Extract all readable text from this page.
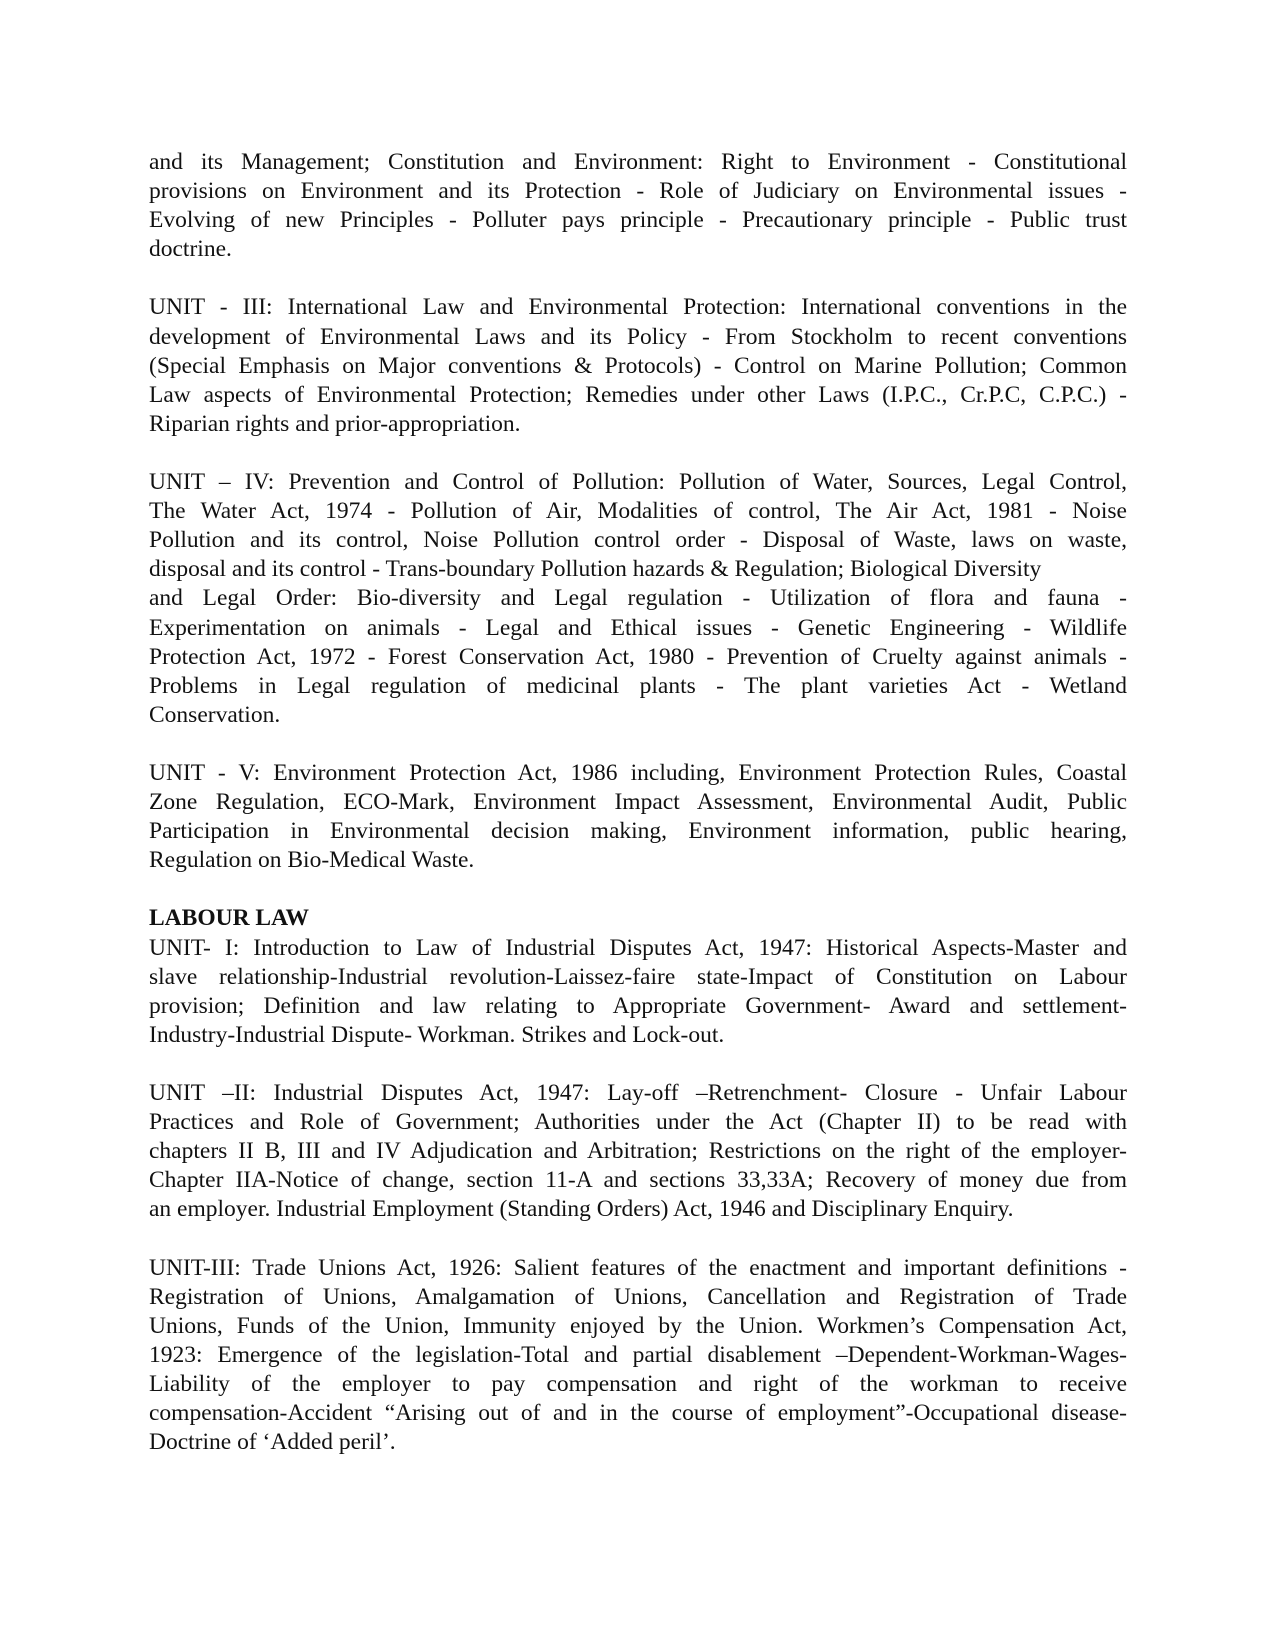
and its Management; Constitution and Environment: Right to Environment - Constitutional
provisions on Environment and its Protection - Role of Judiciary on Environmental issues -
Evolving of new Principles - Polluter pays principle - Precautionary principle - Public trust
doctrine.
UNIT - III: International Law and Environmental Protection: International conventions in the
development of Environmental Laws and its Policy - From Stockholm to recent conventions
(Special Emphasis on Major conventions & Protocols) - Control on Marine Pollution; Common
Law aspects of Environmental Protection; Remedies under other Laws (I.P.C., Cr.P.C, C.P.C.) -
Riparian rights and prior-appropriation.
UNIT – IV: Prevention and Control of Pollution: Pollution of Water, Sources, Legal Control,
The Water Act, 1974 - Pollution of Air, Modalities of control, The Air Act, 1981 - Noise
Pollution and its control, Noise Pollution control order - Disposal of Waste, laws on waste,
disposal and its control - Trans-boundary Pollution hazards & Regulation; Biological Diversity
and Legal Order: Bio-diversity and Legal regulation - Utilization of flora and fauna -
Experimentation on animals - Legal and Ethical issues - Genetic Engineering - Wildlife
Protection Act, 1972 - Forest Conservation Act, 1980 - Prevention of Cruelty against animals -
Problems in Legal regulation of medicinal plants - The plant varieties Act - Wetland
Conservation.
UNIT - V: Environment Protection Act, 1986 including, Environment Protection Rules, Coastal
Zone Regulation, ECO-Mark, Environment Impact Assessment, Environmental Audit, Public
Participation in Environmental decision making, Environment information, public hearing,
Regulation on Bio-Medical Waste.
LABOUR LAW
UNIT- I: Introduction to Law of Industrial Disputes Act, 1947: Historical Aspects-Master and
slave relationship-Industrial revolution-Laissez-faire state-Impact of Constitution on Labour
provision; Definition and law relating to Appropriate Government- Award and settlement-
Industry-Industrial Dispute- Workman. Strikes and Lock-out.
UNIT –II: Industrial Disputes Act, 1947: Lay-off –Retrenchment- Closure - Unfair Labour
Practices and Role of Government; Authorities under the Act (Chapter II) to be read with
chapters II B, III and IV Adjudication and Arbitration; Restrictions on the right of the employer-
Chapter IIA-Notice of change, section 11-A and sections 33,33A; Recovery of money due from
an employer. Industrial Employment (Standing Orders) Act, 1946 and Disciplinary Enquiry.
UNIT-III: Trade Unions Act, 1926: Salient features of the enactment and important definitions -
Registration of Unions, Amalgamation of Unions, Cancellation and Registration of Trade
Unions, Funds of the Union, Immunity enjoyed by the Union. Workmen’s Compensation Act,
1923: Emergence of the legislation-Total and partial disablement –Dependent-Workman-Wages-
Liability of the employer to pay compensation and right of the workman to receive
compensation-Accident “Arising out of and in the course of employment”-Occupational disease-
Doctrine of ‘Added peril’.
